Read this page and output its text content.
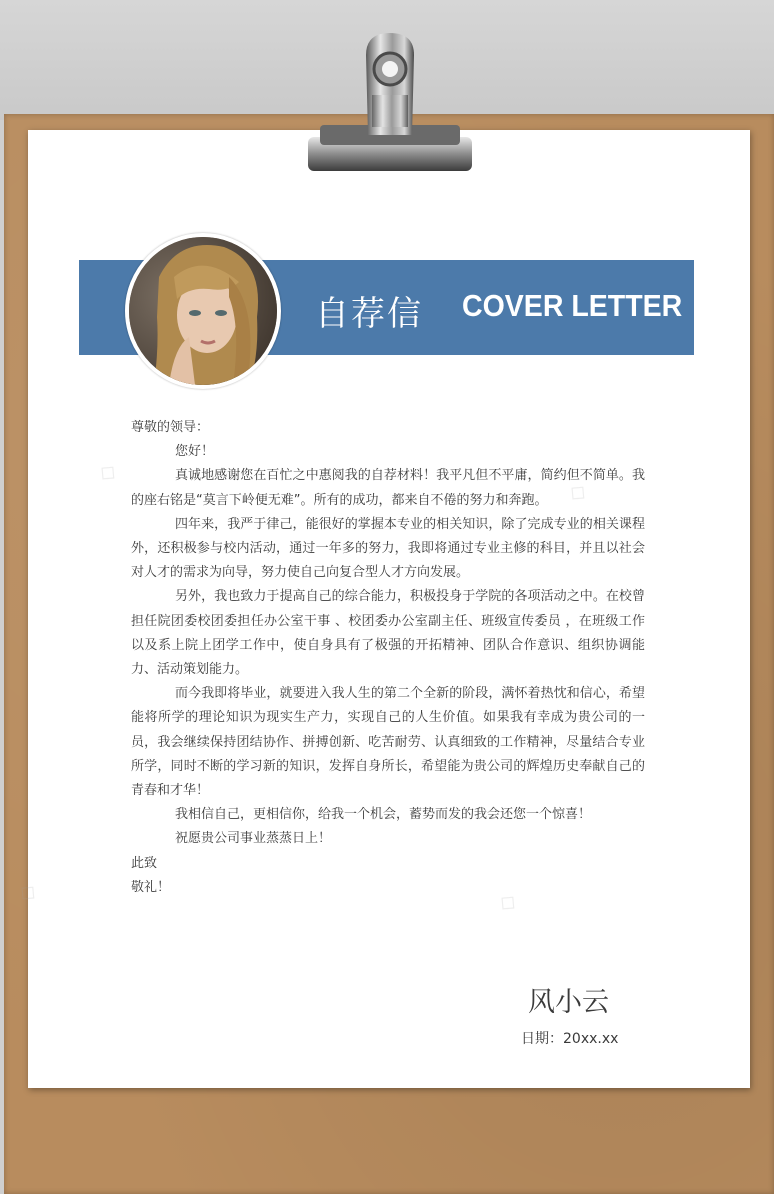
◇
◇
◇	◇
自荐信 COVER LETTER

尊敬的领导：

您好！

真诚地感谢您在百忙之中惠阅我的自荐材料！我平凡但不平庸，简约但不简单。我的座右铭是“莫言下岭便无难”。所有的成功，都来自不倦的努力和奔跑。

四年来，我严于律己，能很好的掌握本专业的相关知识，除了完成专业的相关课程外，还积极参与校内活动，通过一年多的努力，我即将通过专业主修的科目，并且以社会对人才的需求为向导，努力使自己向复合型人才方向发展。

另外，我也致力于提高自己的综合能力，积极投身于学院的各项活动之中。在校曾担任院团委校团委担任办公室干事 、校团委办公室副主任、班级宣传委员 ，在班级工作以及系上院上团学工作中，使自身具有了极强的开拓精神、团队合作意识、组织协调能力、活动策划能力。

而今我即将毕业，就要进入我人生的第二个全新的阶段，满怀着热忱和信心，希望能将所学的理论知识为现实生产力，实现自己的人生价值。如果我有幸成为贵公司的一员，我会继续保持团结协作、拼搏创新、吃苦耐劳、认真细致的工作精神，尽量结合专业所学，同时不断的学习新的知识，发挥自身所长，希望能为贵公司的辉煌历史奉献自己的青春和才华！

我相信自己，更相信你，给我一个机会，蓄势而发的我会还您一个惊喜！

祝愿贵公司事业蒸蒸日上！

此致

敬礼！

风小云
日期：20xx.xx
